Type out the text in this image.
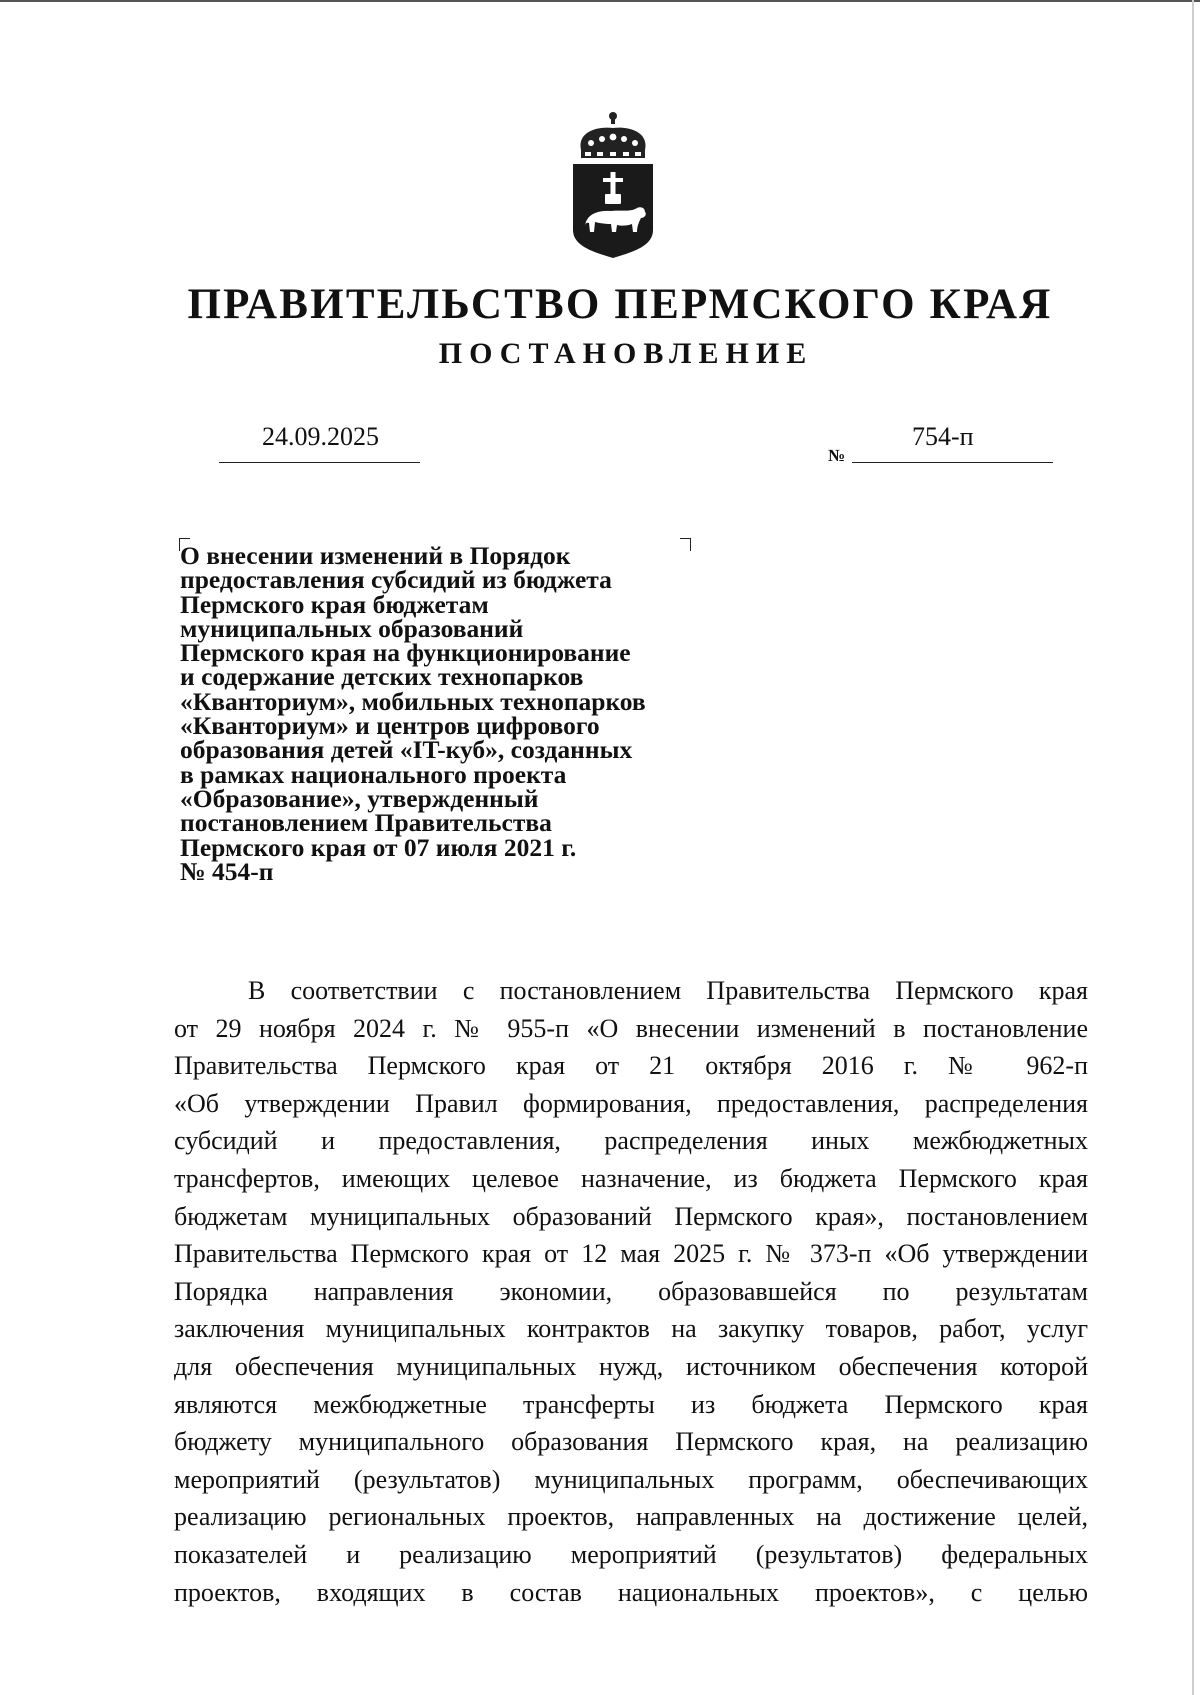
ПРАВИТЕЛЬСТВО ПЕРМСКОГО КРАЯ
ПОСТАНОВЛЕНИЕ
24.09.2025
№
754-п
О внесении изменений в Порядок
предоставления субсидий из бюджета
Пермского края бюджетам
муниципальных образований
Пермского края на функционирование
и содержание детских технопарков
«Кванториум», мобильных технопарков
«Кванториум» и центров цифрового
образования детей «IT-куб», созданных
в рамках национального проекта
«Образование», утвержденный
постановлением Правительства
Пермского края от 07 июля 2021 г.
№ 454-п
В соответствии с постановлением Правительства Пермского края
от 29 ноября 2024 г. № 955-п «О внесении изменений в постановление
Правительства Пермского края от 21 октября 2016 г. № 962-п
«Об утверждении Правил формирования, предоставления, распределения
субсидий и предоставления, распределения иных межбюджетных
трансфертов, имеющих целевое назначение, из бюджета Пермского края
бюджетам муниципальных образований Пермского края», постановлением
Правительства Пермского края от 12 мая 2025 г. № 373-п «Об утверждении
Порядка направления экономии, образовавшейся по результатам
заключения муниципальных контрактов на закупку товаров, работ, услуг
для обеспечения муниципальных нужд, источником обеспечения которой
являются межбюджетные трансферты из бюджета Пермского края
бюджету муниципального образования Пермского края, на реализацию
мероприятий (результатов) муниципальных программ, обеспечивающих
реализацию региональных проектов, направленных на достижение целей,
показателей и реализацию мероприятий (результатов) федеральных
проектов, входящих в состав национальных проектов», с целью
